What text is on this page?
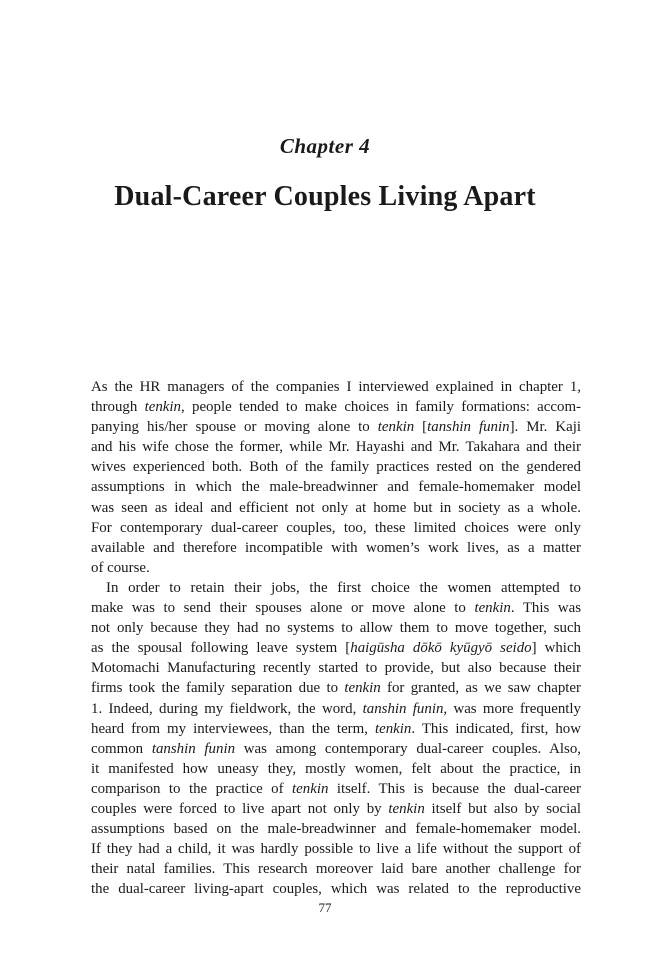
Chapter 4
Dual-Career Couples Living Apart
As the HR managers of the companies I interviewed explained in chapter 1,
through tenkin, people tended to make choices in family formations: accom-
panying his/her spouse or moving alone to tenkin [tanshin funin]. Mr. Kaji
and his wife chose the former, while Mr. Hayashi and Mr. Takahara and their
wives experienced both. Both of the family practices rested on the gendered
assumptions in which the male-breadwinner and female-homemaker model
was seen as ideal and efficient not only at home but in society as a whole.
For contemporary dual-career couples, too, these limited choices were only
available and therefore incompatible with women’s work lives, as a matter
of course.
In order to retain their jobs, the first choice the women attempted to
make was to send their spouses alone or move alone to tenkin. This was
not only because they had no systems to allow them to move together, such
as the spousal following leave system [haigūsha dōkō kyūgyō seido] which
Motomachi Manufacturing recently started to provide, but also because their
firms took the family separation due to tenkin for granted, as we saw chapter
1. Indeed, during my fieldwork, the word, tanshin funin, was more frequently
heard from my interviewees, than the term, tenkin. This indicated, first, how
common tanshin funin was among contemporary dual-career couples. Also,
it manifested how uneasy they, mostly women, felt about the practice, in
comparison to the practice of tenkin itself. This is because the dual-career
couples were forced to live apart not only by tenkin itself but also by social
assumptions based on the male-breadwinner and female-homemaker model.
If they had a child, it was hardly possible to live a life without the support of
their natal families. This research moreover laid bare another challenge for
the dual-career living-apart couples, which was related to the reproductive
77
